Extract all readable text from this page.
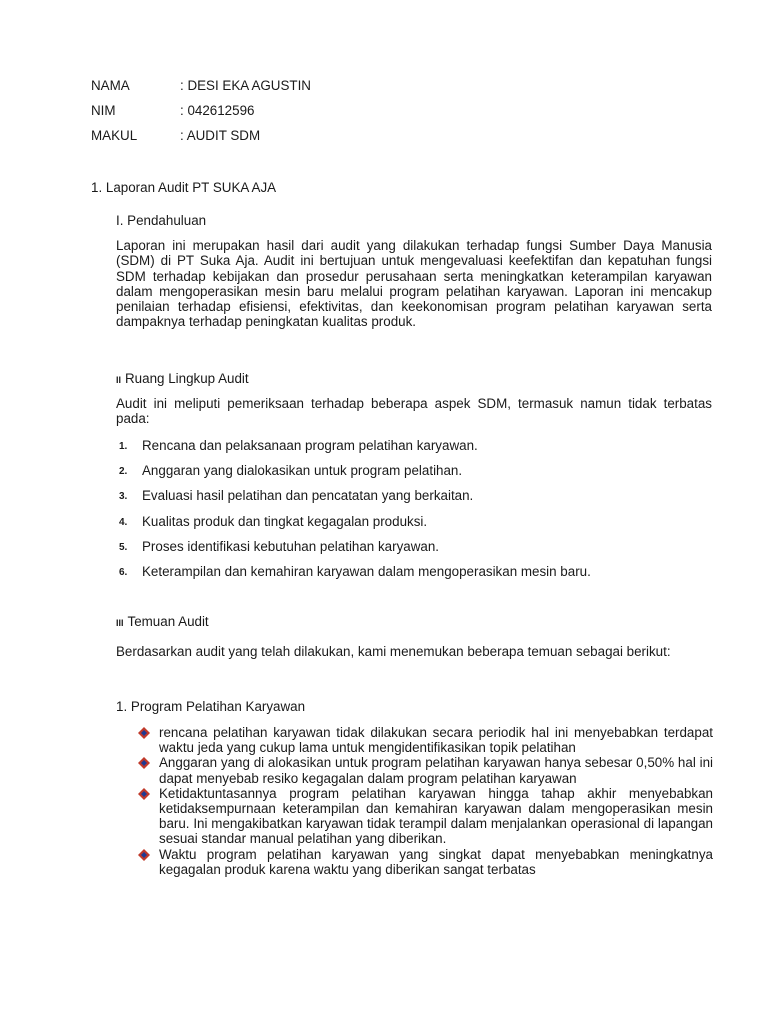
NAMA	: DESI EKA AGUSTIN
NIM	: 042612596
MAKUL	: AUDIT SDM
1. Laporan Audit PT SUKA AJA
I. Pendahuluan
Laporan ini merupakan hasil dari audit yang dilakukan terhadap fungsi Sumber Daya Manusia (SDM) di PT Suka Aja. Audit ini bertujuan untuk mengevaluasi keefektifan dan kepatuhan fungsi SDM terhadap kebijakan dan prosedur perusahaan serta meningkatkan keterampilan karyawan dalam mengoperasikan mesin baru melalui program pelatihan karyawan. Laporan ini mencakup penilaian terhadap efisiensi, efektivitas, dan keekonomisan program pelatihan karyawan serta dampaknya terhadap peningkatan kualitas produk.
II Ruang Lingkup Audit
Audit ini meliputi pemeriksaan terhadap beberapa aspek SDM, termasuk namun tidak terbatas pada:
1. Rencana dan pelaksanaan program pelatihan karyawan.
2. Anggaran yang dialokasikan untuk program pelatihan.
3. Evaluasi hasil pelatihan dan pencatatan yang berkaitan.
4. Kualitas produk dan tingkat kegagalan produksi.
5. Proses identifikasi kebutuhan pelatihan karyawan.
6. Keterampilan dan kemahiran karyawan dalam mengoperasikan mesin baru.
III Temuan Audit
Berdasarkan audit yang telah dilakukan, kami menemukan beberapa temuan sebagai berikut:
1. Program Pelatihan Karyawan
rencana pelatihan karyawan tidak dilakukan secara periodik hal ini menyebabkan terdapat waktu jeda yang cukup lama untuk mengidentifikasikan topik pelatihan
Anggaran yang di alokasikan untuk program pelatihan karyawan hanya sebesar 0,50% hal ini dapat menyebab resiko kegagalan dalam program pelatihan karyawan
Ketidaktuntasannya program pelatihan karyawan hingga tahap akhir menyebabkan ketidaksempurnaan keterampilan dan kemahiran karyawan dalam mengoperasikan mesin baru. Ini mengakibatkan karyawan tidak terampil dalam menjalankan operasional di lapangan sesuai standar manual pelatihan yang diberikan.
Waktu program pelatihan karyawan yang singkat dapat menyebabkan meningkatnya kegagalan produk karena waktu yang diberikan sangat terbatas
